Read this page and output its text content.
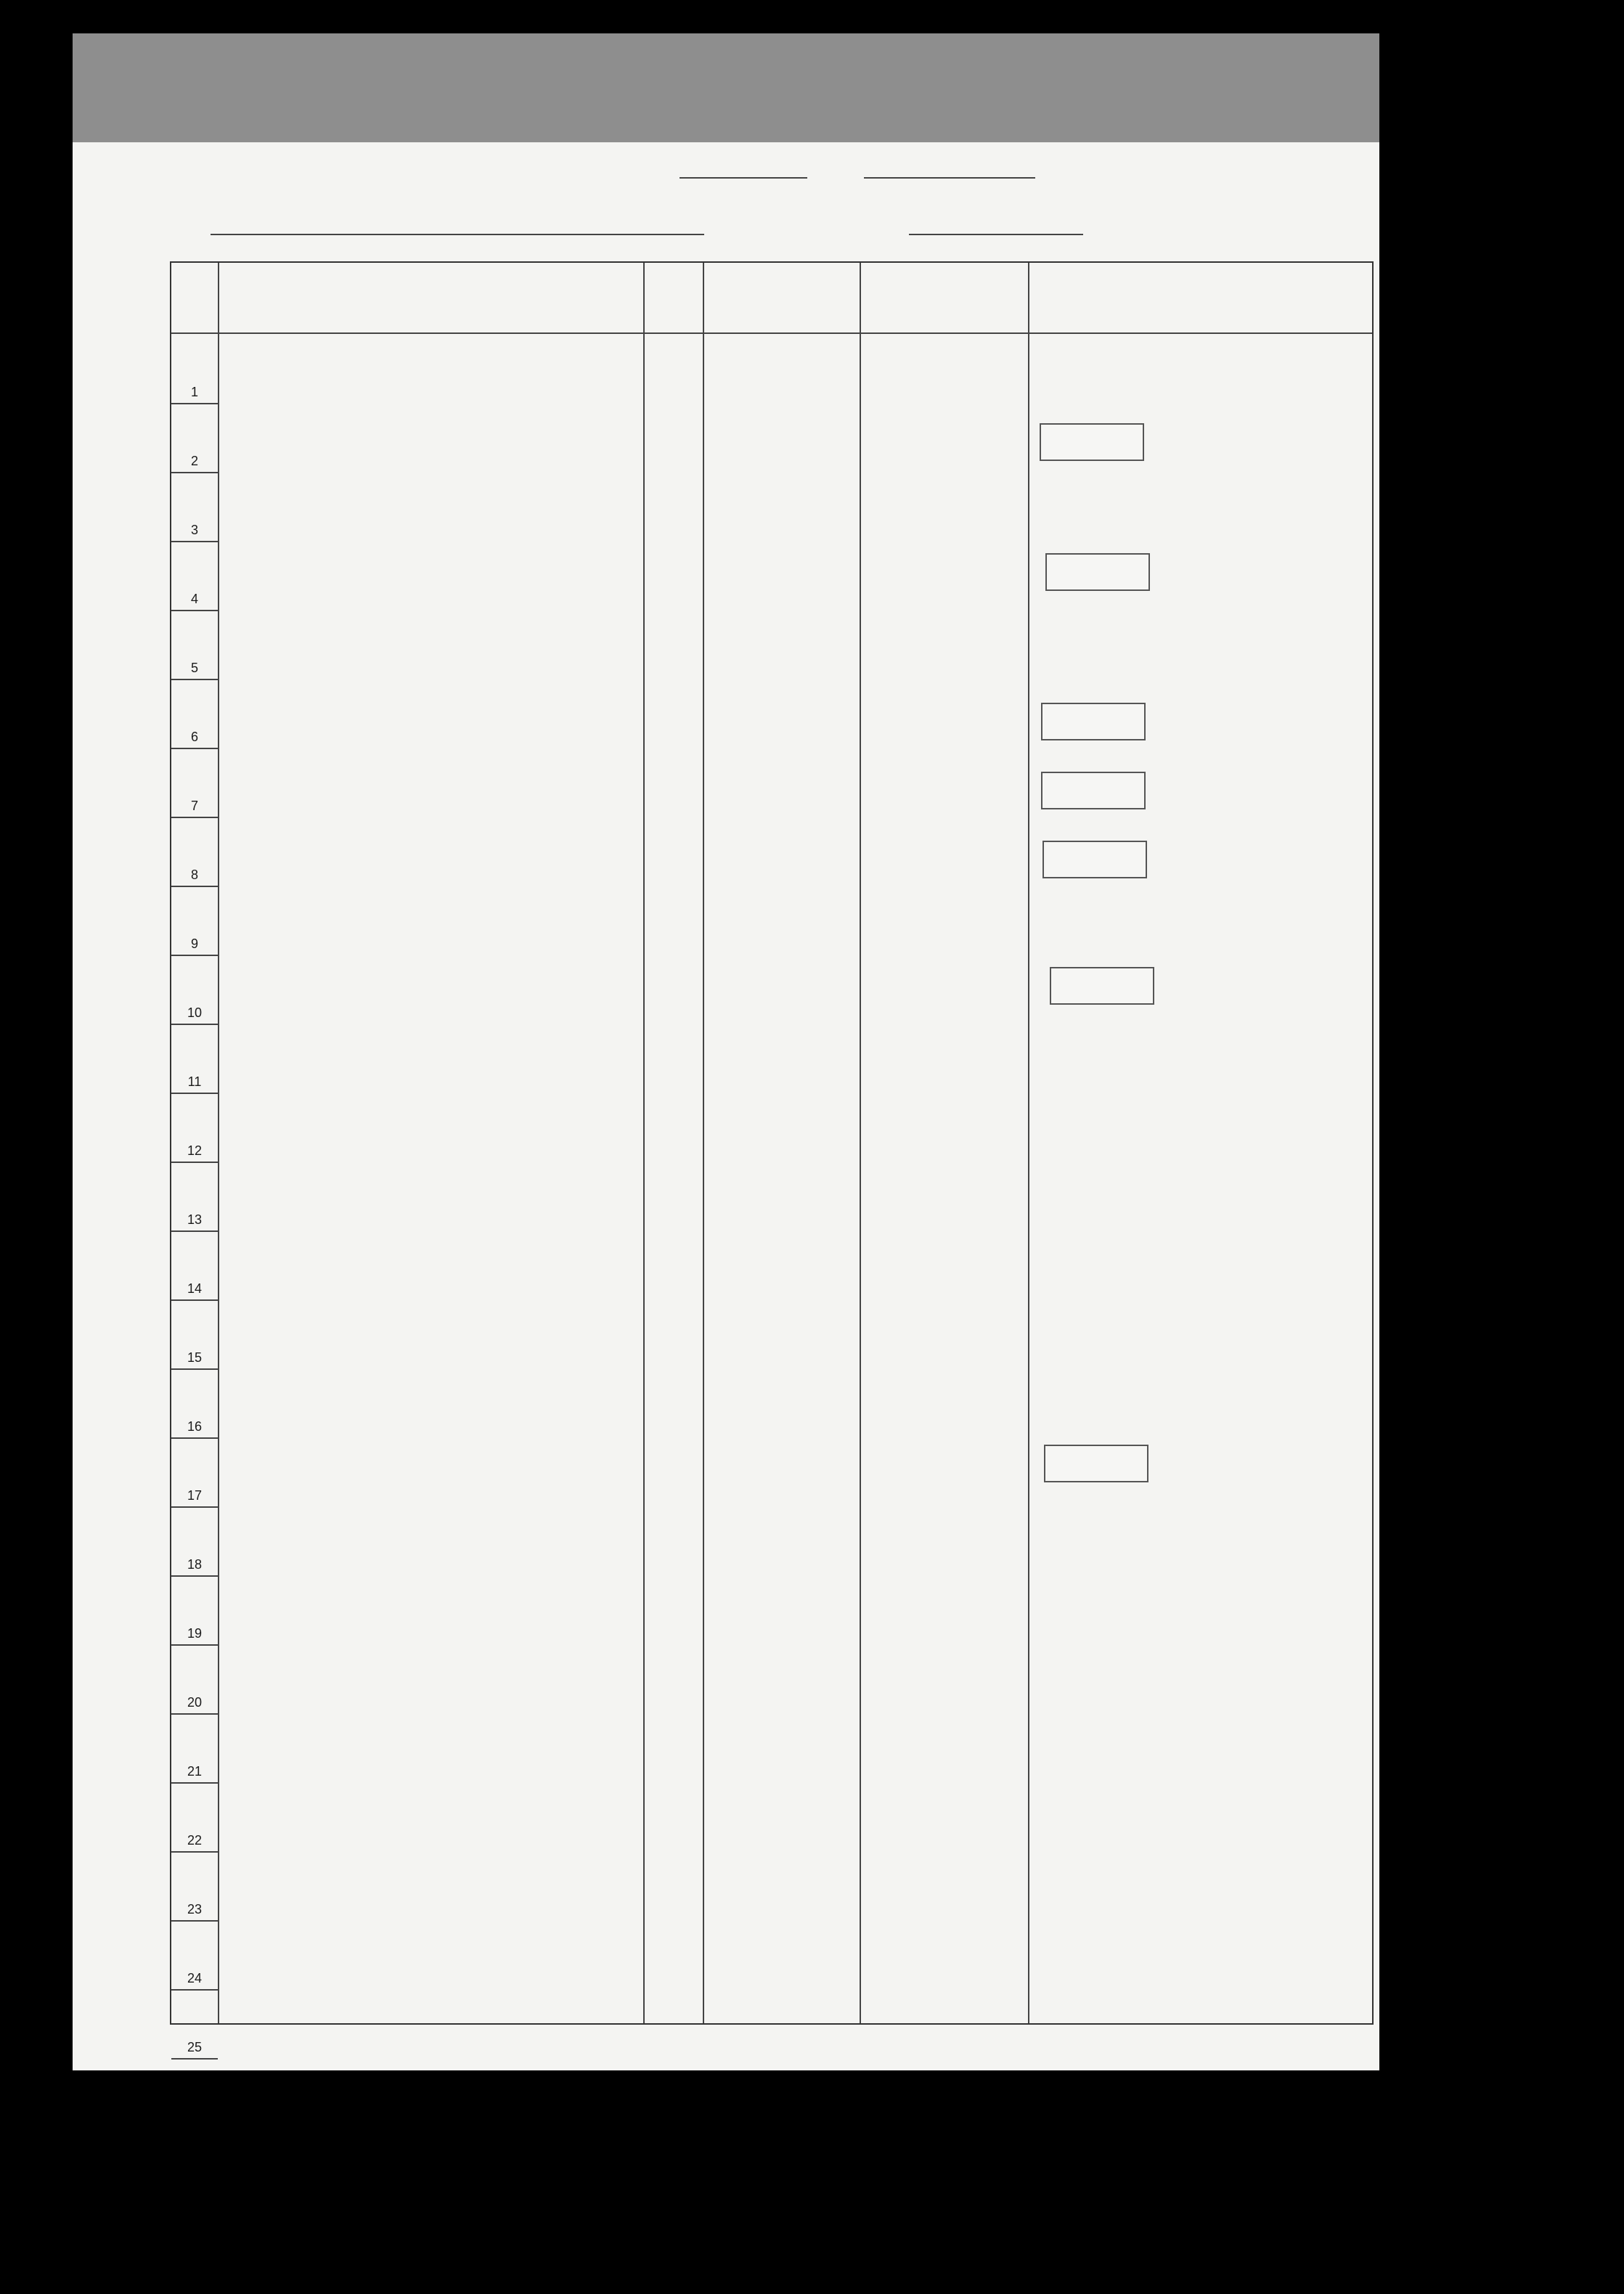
1
2
3
4
5
6
7
8
9
10
11
12
13
14
15
16
17
18
19
20
21
22
23
24
25
